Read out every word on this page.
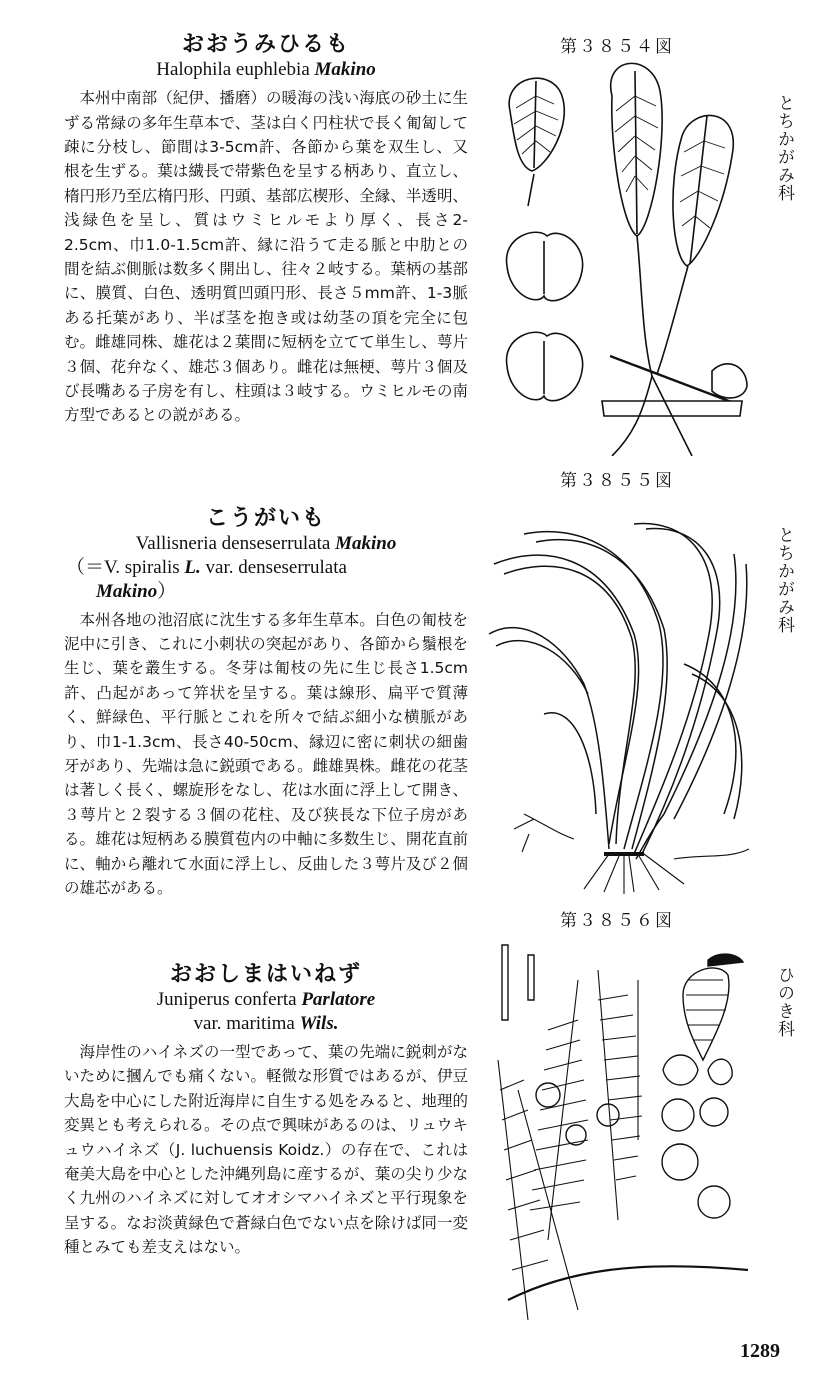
おおうみひるも

Halophila euphlebia Makino

本州中南部（紀伊、播磨）の暖海の浅い海底の砂土に生ずる常緑の多年生草本で、茎は白く円柱状で長く匍匐して疎に分枝し、節間は3-5cm許、各節から葉を双生し、又根を生ずる。葉は繊長で帯紫色を呈する柄あり、直立し、楕円形乃至広楕円形、円頭、基部広楔形、全縁、半透明、浅緑色を呈し、質はウミヒルモより厚く、長さ2-2.5cm、巾1.0-1.5cm許、縁に沿うて走る脈と中肋との間を結ぶ側脈は数多く開出し、往々２岐する。葉柄の基部に、膜質、白色、透明質凹頭円形、長さ５mm許、1-3脈ある托葉があり、半ば茎を抱き或は幼茎の頂を完全に包む。雌雄同株、雄花は２葉間に短柄を立てて単生し、萼片３個、花弁なく、雄芯３個あり。雌花は無梗、萼片３個及び長嘴ある子房を有し、柱頭は３岐する。ウミヒルモの南方型であるとの説がある。

こうがいも

Vallisneria denseserrulata Makino

（＝V. spiralis L. var. denseserrulata
Makino）

本州各地の池沼底に沈生する多年生草本。白色の匍枝を泥中に引き、これに小刺状の突起があり、各節から鬚根を生じ、葉を叢生する。冬芽は匍枝の先に生じ長さ1.5cm許、凸起があって笄状を呈する。葉は線形、扁平で質薄く、鮮緑色、平行脈とこれを所々で結ぶ細小な横脈があり、巾1-1.3cm、長さ40-50cm、縁辺に密に刺状の細歯牙があり、先端は急に鋭頭である。雌雄異株。雌花の花茎は著しく長く、螺旋形をなし、花は水面に浮上して開き、３萼片と２裂する３個の花柱、及び狭長な下位子房がある。雄花は短柄ある膜質苞内の中軸に多数生じ、開花直前に、軸から離れて水面に浮上し、反曲した３萼片及び２個の雄芯がある。

おおしまはいねず

Juniperus conferta Parlatore

var. maritima Wils.

海岸性のハイネズの一型であって、葉の先端に鋭刺がないために摑んでも痛くない。軽微な形質ではあるが、伊豆大島を中心にした附近海岸に自生する処をみると、地理的変異とも考えられる。その点で興味があるのは、リュウキュウハイネズ（J. luchuensis Koidz.）の存在で、これは奄美大島を中心とした沖縄列島に産するが、葉の尖り少なく九州のハイネズに対してオオシマハイネズと平行現象を呈する。なお淡黄緑色で蒼緑白色でない点を除けば同一変種とみても差支えはない。

第３８５４図
とちかがみ科
第３８５５図
とちかがみ科
第３８５６図
ひのき科
1289
